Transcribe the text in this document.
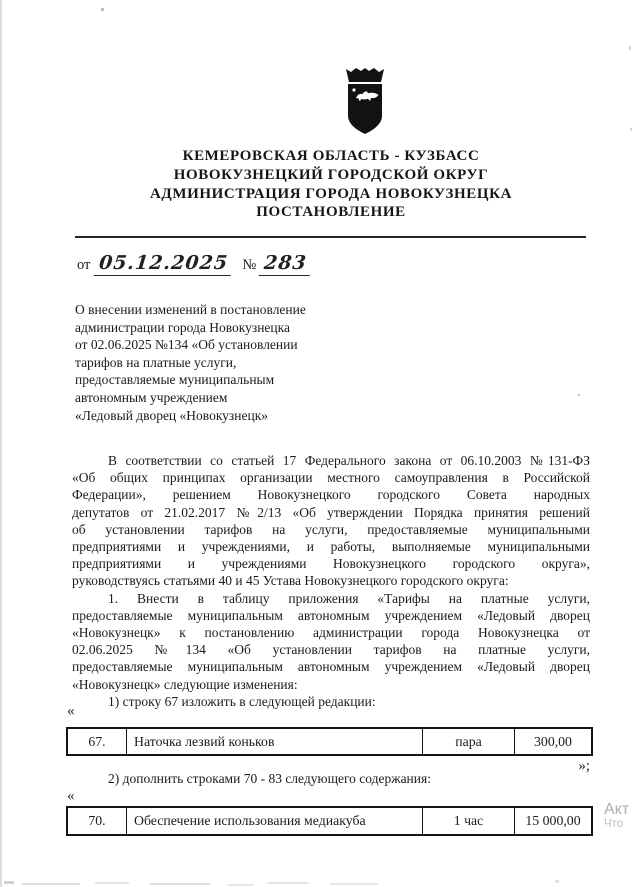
КЕМЕРОВСКАЯ ОБЛАСТЬ - КУЗБАСС
НОВОКУЗНЕЦКИЙ ГОРОДСКОЙ ОКРУГ
АДМИНИСТРАЦИЯ ГОРОДА НОВОКУЗНЕЦКА
ПОСТАНОВЛЕНИЕ
от 05.12.2025 № 283
О внесении изменений в постановление
администрации города Новокузнецка
от 02.06.2025 №134 «Об установлении
тарифов на платные услуги,
предоставляемые муниципальным
автономным учреждением
«Ледовый дворец «Новокузнецк»
В соответствии со статьей 17 Федерального закона от 06.10.2003 №131-ФЗ
«Об общих принципах организации местного самоуправления в Российской
Федерации», решением Новокузнецкого городского Совета народных
депутатов от 21.02.2017 №2/13 «Об утверждении Порядка принятия решений
об установлении тарифов на услуги, предоставляемые муниципальными
предприятиями и учреждениями, и работы, выполняемые муниципальными
предприятиями и учреждениями Новокузнецкого городского округа»,
руководствуясь статьями 40 и 45 Устава Новокузнецкого городского округа:
1. Внести в таблицу приложения «Тарифы на платные услуги,
предоставляемые муниципальным автономным учреждением «Ледовый дворец
«Новокузнецк» к постановлению администрации города Новокузнецка от
02.06.2025 №134 «Об установлении тарифов на платные услуги,
предоставляемые муниципальным автономным учреждением «Ледовый дворец
«Новокузнецк» следующие изменения:
1) строку 67 изложить в следующей редакции:
«
67.	Наточка лезвий коньков	пара	300,00
»;
2) дополнить строками 70 - 83 следующего содержания:
«
70.	Обеспечение использования медиакуба	1 час	15 000,00
Акт
Что
